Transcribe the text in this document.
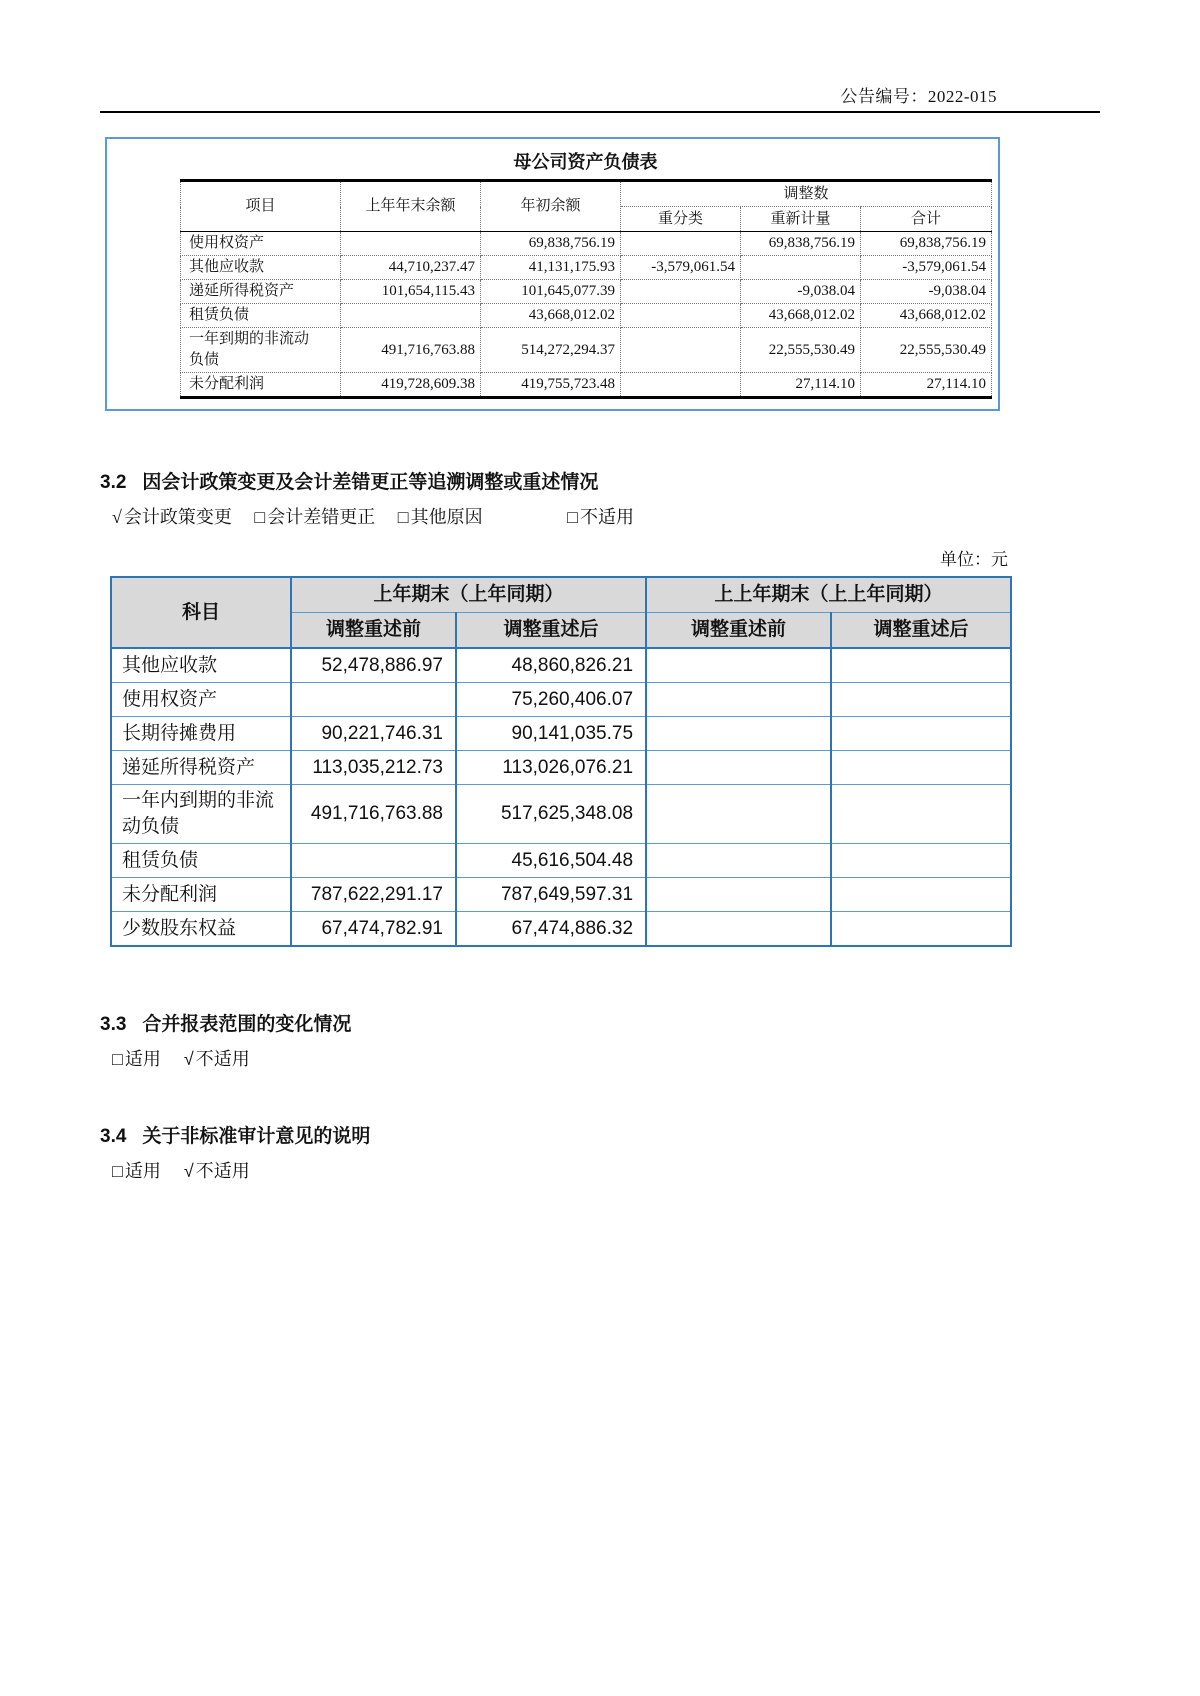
公告编号：2022-015
母公司资产负债表
项目	上年年末余额	年初余额	调整数		
			重分类	重新计量	合计
使用权资产		69,838,756.19		69,838,756.19	69,838,756.19
其他应收款	44,710,237.47	41,131,175.93	-3,579,061.54		-3,579,061.54
递延所得税资产	101,654,115.43	101,645,077.39		-9,038.04	-9,038.04
租赁负债		43,668,012.02		43,668,012.02	43,668,012.02
一年到期的非流动负债	491,716,763.88	514,272,294.37		22,555,530.49	22,555,530.49
未分配利润	419,728,609.38	419,755,723.48		27,114.10	27,114.10
3.2 因会计政策变更及会计差错更正等追溯调整或重述情况
√ 会计政策变更 □ 会计差错更正 □ 其他原因	□ 不适用
单位：元
科目	上年期末（上年同期）		上上年期末（上上年同期）	
	调整重述前	调整重述后	调整重述前	调整重述后
其他应收款	52,478,886.97	48,860,826.21		
使用权资产		75,260,406.07		
长期待摊费用	90,221,746.31	90,141,035.75		
递延所得税资产	113,035,212.73	113,026,076.21		
一年内到期的非流动负债	491,716,763.88	517,625,348.08		
租赁负债		45,616,504.48		
未分配利润	787,622,291.17	787,649,597.31		
少数股东权益	67,474,782.91	67,474,886.32		
3.3 合并报表范围的变化情况
□ 适用 √ 不适用
3.4 关于非标准审计意见的说明
□ 适用 √ 不适用
